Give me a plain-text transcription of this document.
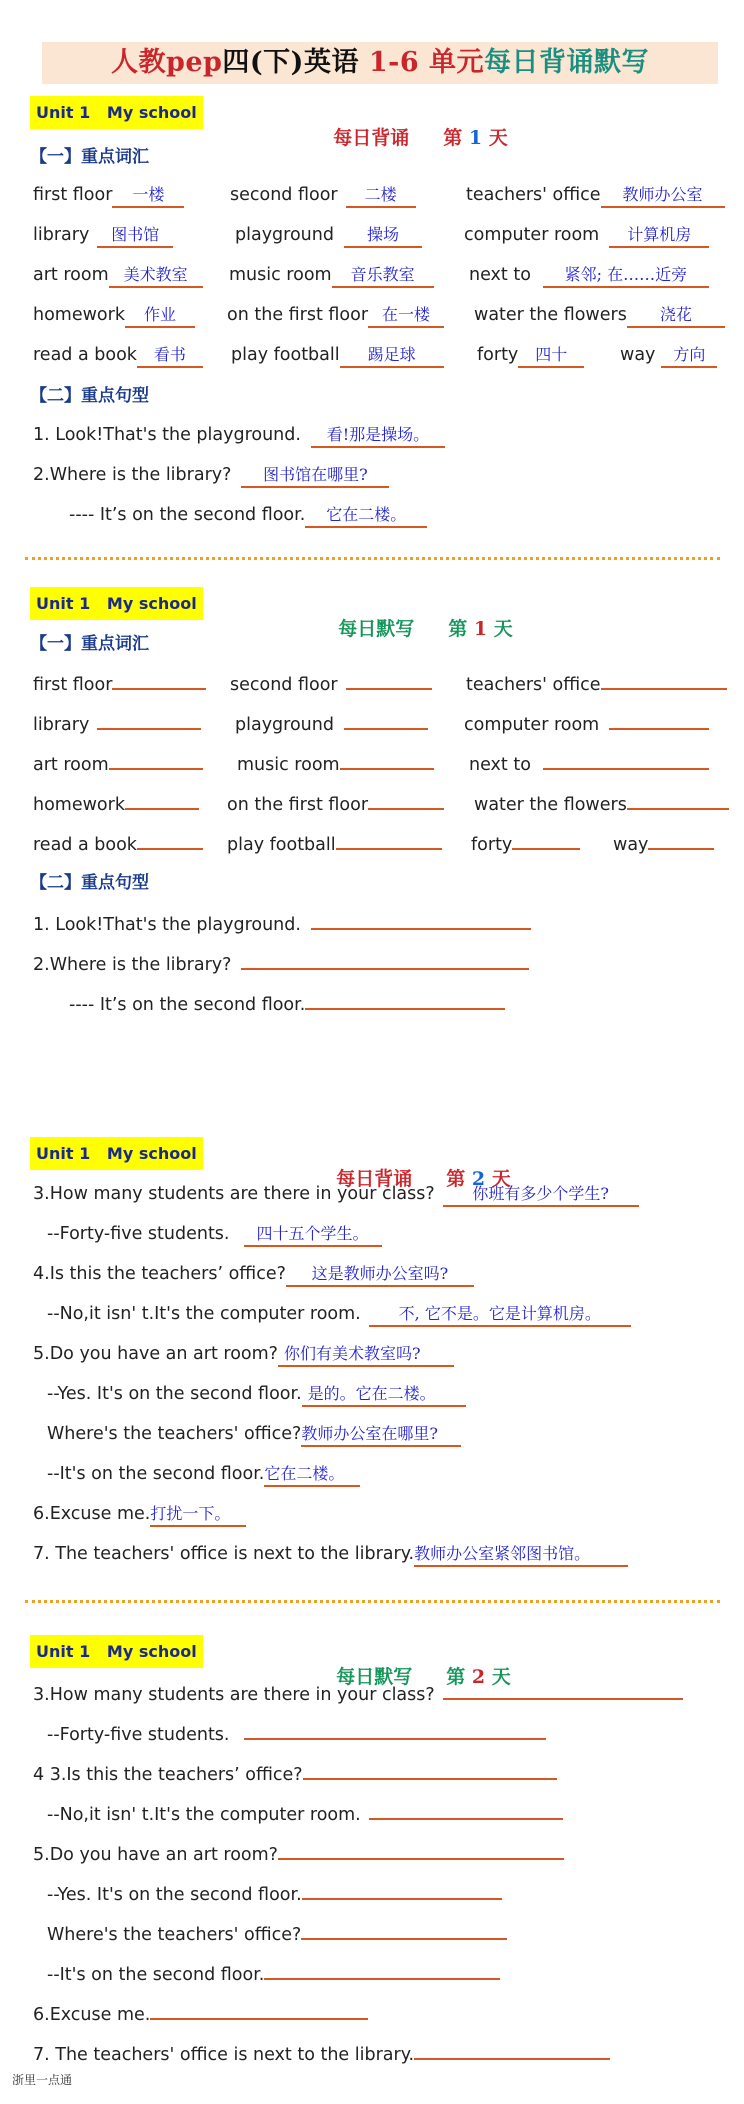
人教pep四(下)英语 1-6 单元每日背诵默写
Unit 1   My school

每日背诵 第 1 天

【一】重点词汇
first floor 一楼	second floor 二楼	teachers' office 教师办公室
library 图书馆	playground 操场	computer room 计算机房
art room 美术教室	music room 音乐教室	next to 紧邻; 在……近旁
homework 作业	on the first floor 在一楼	water the flowers 浇花
read a book 看书	play football 踢足球	forty 四十	way 方向
【二】重点句型
1. Look!That's the playground. 看!那是操场。
2.Where is the library? 图书馆在哪里?
---- It’s on the second floor. 它在二楼。
Unit 1   My school

每日默写 第 1 天

【一】重点词汇
first floor	second floor	teachers' office
library	playground	computer room
art room	music room	next to
homework	on the first floor	water the flowers
read a book	play football	forty	way
【二】重点句型
1. Look!That's the playground.
2.Where is the library?
---- It’s on the second floor.
Unit 1   My school

每日背诵 第 2 天

3.How many students are there in your class? 你班有多少个学生?
--Forty-five students. 四十五个学生。
4.Is this the teachers’ office? 这是教师办公室吗?
--No,it isn' t.It's the computer room. 不, 它不是。它是计算机房。
5.Do you have an art room? 你们有美术教室吗?
--Yes. It's on the second floor. 是的。它在二楼。
Where's the teachers' office?教师办公室在哪里?
--It's on the second floor.它在二楼。
6.Excuse me.打扰一下。
7. The teachers' office is next to the library.教师办公室紧邻图书馆。
Unit 1   My school

每日默写 第 2 天

3.How many students are there in your class?
--Forty-five students.
4 3.Is this the teachers’ office?
--No,it isn' t.It's the computer room.
5.Do you have an art room?
--Yes. It's on the second floor.
Where's the teachers' office?
--It's on the second floor.
6.Excuse me.
7. The teachers' office is next to the library.
浙里一点通
